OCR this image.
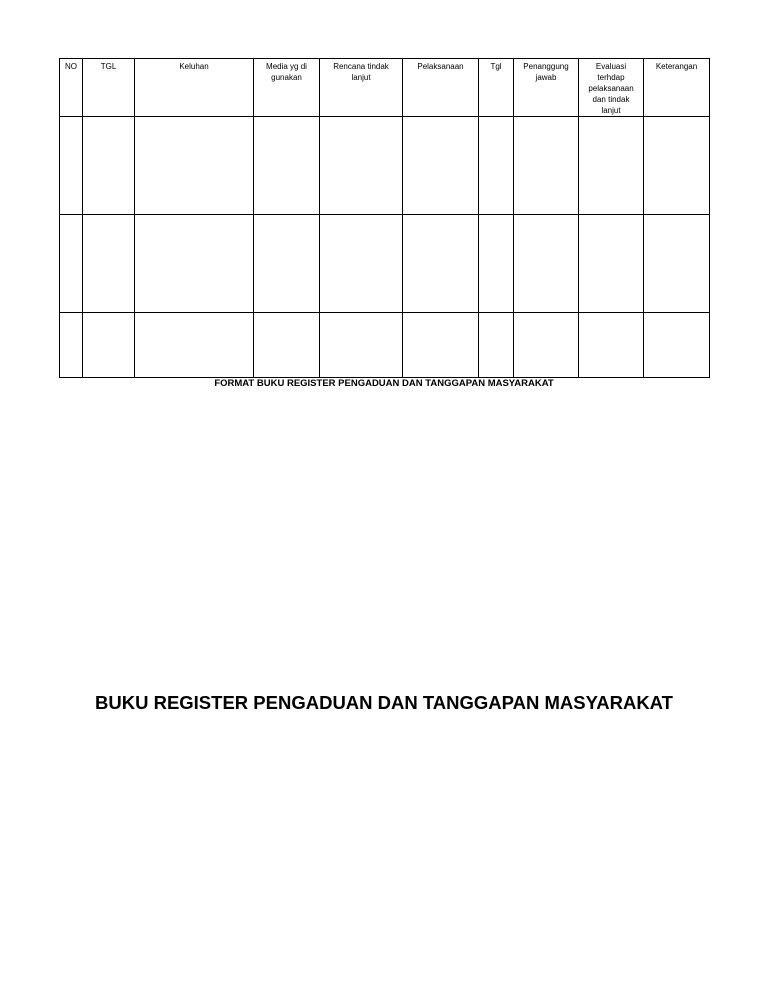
NO	TGL	Keluhan	Media yg di gunakan	Rencana tindak lanjut	Pelaksanaan	Tgl	Penanggung jawab	Evaluasi terhdap pelaksanaan dan tindak lanjut	Keterangan

FORMAT BUKU REGISTER PENGADUAN DAN TANGGAPAN MASYARAKAT
BUKU REGISTER PENGADUAN DAN TANGGAPAN MASYARAKAT
